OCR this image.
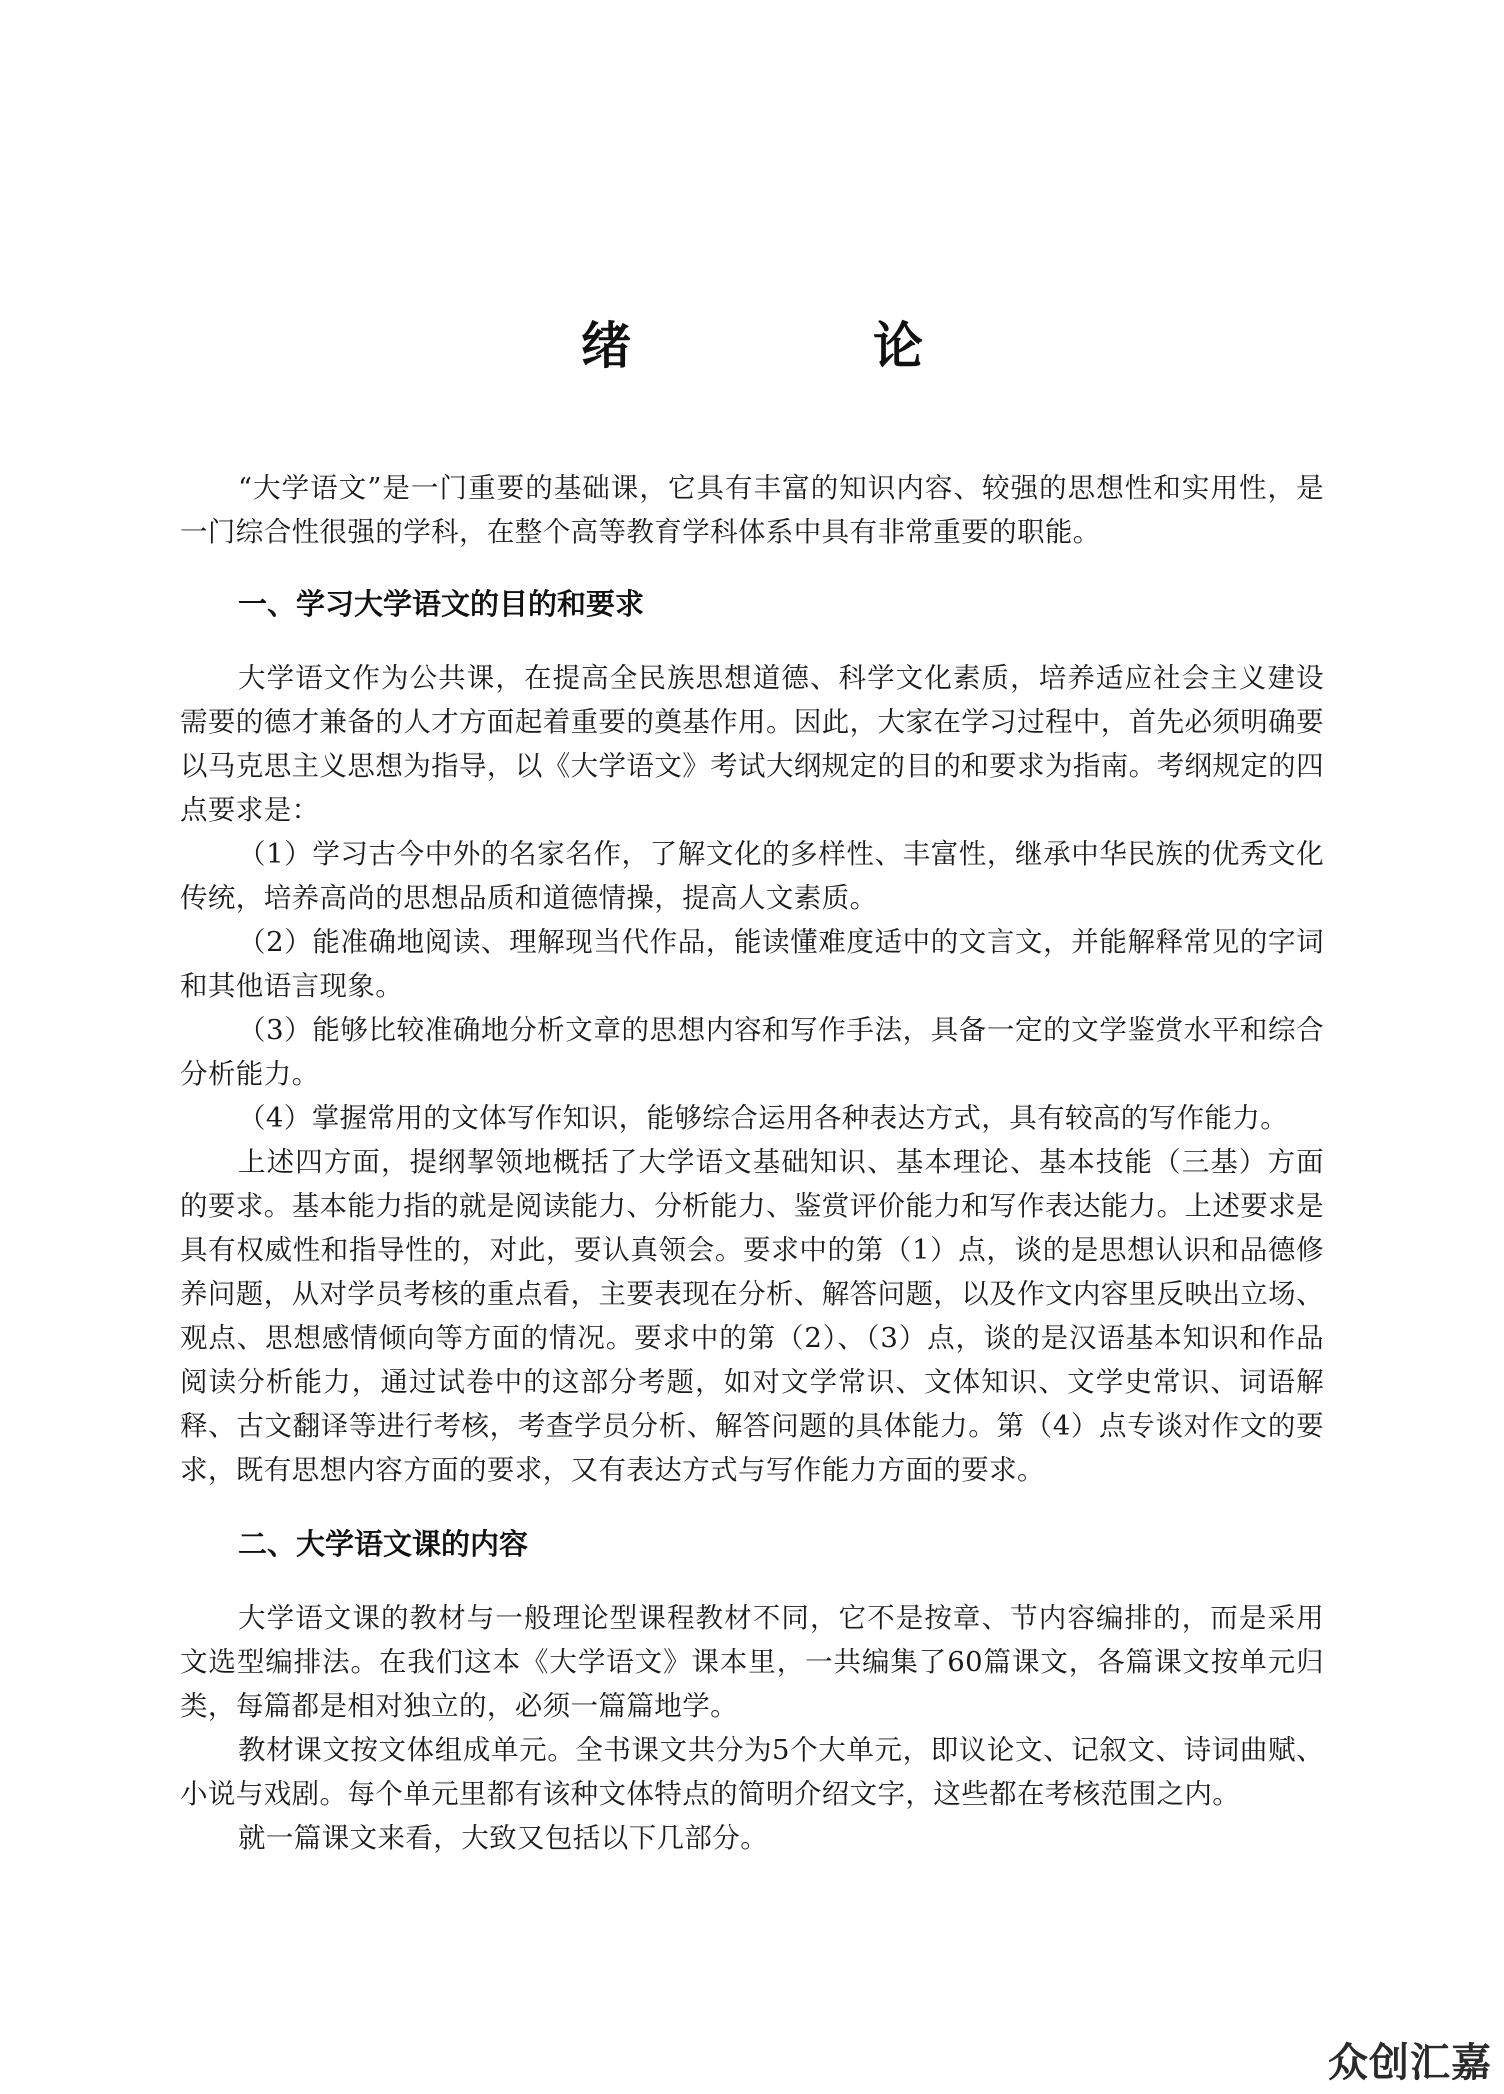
绪　论

“大学语文”是一门重要的基础课，它具有丰富的知识内容、较强的思想性和实用性，是一门综合性很强的学科，在整个高等教育学科体系中具有非常重要的职能。

一、学习大学语文的目的和要求

大学语文作为公共课，在提高全民族思想道德、科学文化素质，培养适应社会主义建设需要的德才兼备的人才方面起着重要的奠基作用。因此，大家在学习过程中，首先必须明确要以马克思主义思想为指导，以《大学语文》考试大纲规定的目的和要求为指南。考纲规定的四点要求是：

（1）学习古今中外的名家名作，了解文化的多样性、丰富性，继承中华民族的优秀文化传统，培养高尚的思想品质和道德情操，提高人文素质。

（2）能准确地阅读、理解现当代作品，能读懂难度适中的文言文，并能解释常见的字词和其他语言现象。

（3）能够比较准确地分析文章的思想内容和写作手法，具备一定的文学鉴赏水平和综合分析能力。

（4）掌握常用的文体写作知识，能够综合运用各种表达方式，具有较高的写作能力。

上述四方面，提纲挈领地概括了大学语文基础知识、基本理论、基本技能（三基）方面的要求。基本能力指的就是阅读能力、分析能力、鉴赏评价能力和写作表达能力。上述要求是具有权威性和指导性的，对此，要认真领会。要求中的第（1）点，谈的是思想认识和品德修养问题，从对学员考核的重点看，主要表现在分析、解答问题，以及作文内容里反映出立场、观点、思想感情倾向等方面的情况。要求中的第（2）、（3）点，谈的是汉语基本知识和作品阅读分析能力，通过试卷中的这部分考题，如对文学常识、文体知识、文学史常识、词语解释、古文翻译等进行考核，考查学员分析、解答问题的具体能力。第（4）点专谈对作文的要求，既有思想内容方面的要求，又有表达方式与写作能力方面的要求。

二、大学语文课的内容

大学语文课的教材与一般理论型课程教材不同，它不是按章、节内容编排的，而是采用文选型编排法。在我们这本《大学语文》课本里，一共编集了60篇课文，各篇课文按单元归类，每篇都是相对独立的，必须一篇篇地学。

教材课文按文体组成单元。全书课文共分为5个大单元，即议论文、记叙文、诗词曲赋、小说与戏剧。每个单元里都有该种文体特点的简明介绍文字，这些都在考核范围之内。

就一篇课文来看，大致又包括以下几部分。

众创汇嘉
